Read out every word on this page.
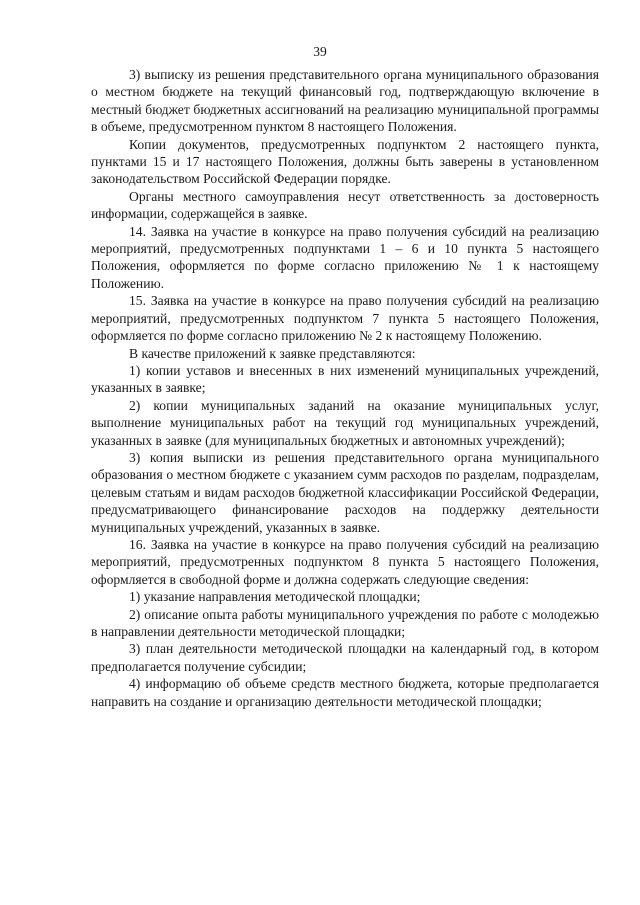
39

3) выписку из решения представительного органа муниципального образования о местном бюджете на текущий финансовый год, подтверждающую включение в местный бюджет бюджетных ассигнований на реализацию муниципальной программы в объеме, предусмотренном пунктом 8 настоящего Положения.

Копии документов, предусмотренных подпунктом 2 настоящего пункта, пунктами 15 и 17 настоящего Положения, должны быть заверены в установленном законодательством Российской Федерации порядке.

Органы местного самоуправления несут ответственность за достоверность информации, содержащейся в заявке.

14. Заявка на участие в конкурсе на право получения субсидий на реализацию мероприятий, предусмотренных подпунктами 1 – 6 и 10 пункта 5 настоящего Положения, оформляется по форме согласно приложению № 1 к настоящему Положению.

15. Заявка на участие в конкурсе на право получения субсидий на реализацию мероприятий, предусмотренных подпунктом 7 пункта 5 настоящего Положения, оформляется по форме согласно приложению № 2 к настоящему Положению.

В качестве приложений к заявке представляются:

1) копии уставов и внесенных в них изменений муниципальных учреждений, указанных в заявке;

2) копии муниципальных заданий на оказание муниципальных услуг, выполнение муниципальных работ на текущий год муниципальных учреждений, указанных в заявке (для муниципальных бюджетных и автономных учреждений);

3) копия выписки из решения представительного органа муниципального образования о местном бюджете с указанием сумм расходов по разделам, подразделам, целевым статьям и видам расходов бюджетной классификации Российской Федерации, предусматривающего финансирование расходов на поддержку деятельности муниципальных учреждений, указанных в заявке.

16. Заявка на участие в конкурсе на право получения субсидий на реализацию мероприятий, предусмотренных подпунктом 8 пункта 5 настоящего Положения, оформляется в свободной форме и должна содержать следующие сведения:

1) указание направления методической площадки;

2) описание опыта работы муниципального учреждения по работе с молодежью в направлении деятельности методической площадки;

3) план деятельности методической площадки на календарный год, в котором предполагается получение субсидии;

4) информацию об объеме средств местного бюджета, которые предполагается направить на создание и организацию деятельности методической площадки;
